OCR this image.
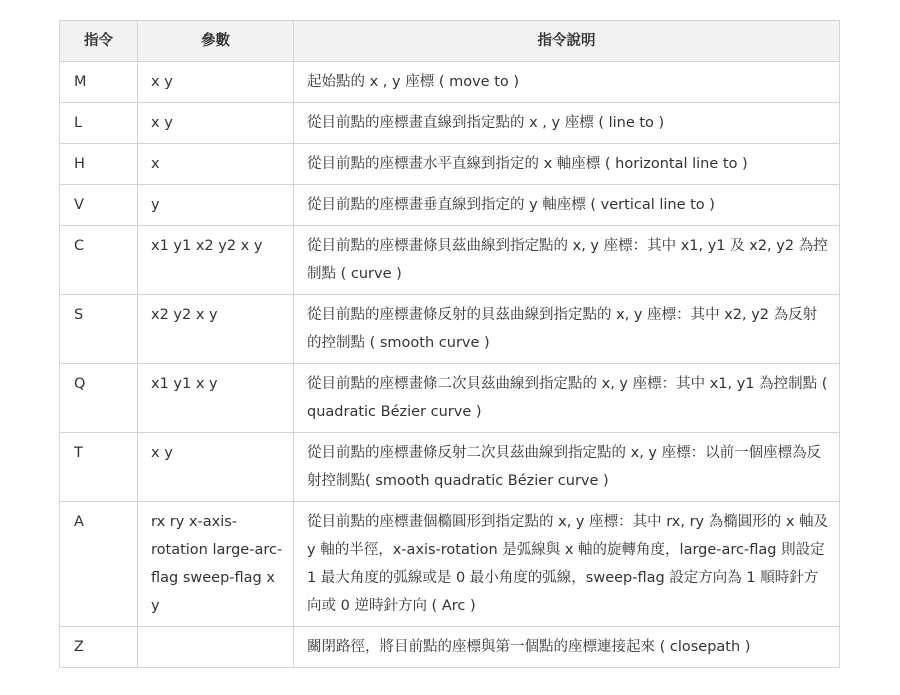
指令	參數	指令說明
M	x y	起始點的 x , y 座標 ( move to )
L	x y	從目前點的座標畫直線到指定點的 x , y 座標 ( line to )
H	x	從目前點的座標畫水平直線到指定的 x 軸座標 ( horizontal line to )
V	y	從目前點的座標畫垂直線到指定的 y 軸座標 ( vertical line to )
C	x1 y1 x2 y2 x y	從目前點的座標畫條貝茲曲線到指定點的 x, y 座標：其中 x1, y1 及 x2, y2 為控制點 ( curve )
S	x2 y2 x y	從目前點的座標畫條反射的貝茲曲線到指定點的 x, y 座標：其中 x2, y2 為反射的控制點 ( smooth curve )
Q	x1 y1 x y	從目前點的座標畫條二次貝茲曲線到指定點的 x, y 座標：其中 x1, y1 為控制點 ( quadratic Bézier curve )
T	x y	從目前點的座標畫條反射二次貝茲曲線到指定點的 x, y 座標：以前一個座標為反射控制點( smooth quadratic Bézier curve )
A	rx ry x-axis-rotation large-arc-flag sweep-flag x y	從目前點的座標畫個橢圓形到指定點的 x, y 座標：其中 rx, ry 為橢圓形的 x 軸及 y 軸的半徑，x-axis-rotation 是弧線與 x 軸的旋轉角度，large-arc-flag 則設定 1 最大角度的弧線或是 0 最小角度的弧線，sweep-flag 設定方向為 1 順時針方向或 0 逆時針方向 ( Arc )
Z		關閉路徑，將目前點的座標與第一個點的座標連接起來 ( closepath )
